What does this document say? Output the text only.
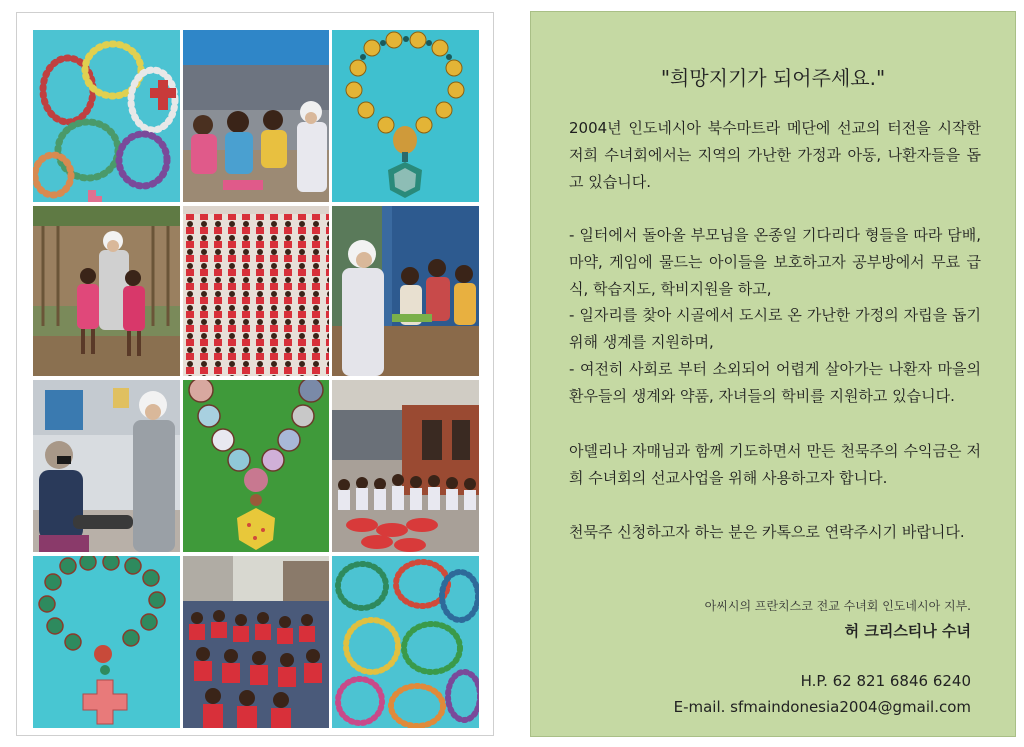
"희망지기가 되어주세요."

2004년 인도네시아 북수마트라 메단에 선교의 터전을 시작한 저희 수녀회에서는 지역의 가난한 가정과 아동, 나환자들을 돕고 있습니다.

- 일터에서 돌아올 부모님을 온종일 기다리다 형들을 따라 담배, 마약, 게임에 물드는 아이들을 보호하고자 공부방에서 무료 급식, 학습지도, 학비지원을 하고,

- 일자리를 찾아 시골에서 도시로 온 가난한 가정의 자립을 돕기 위해 생계를 지원하며,

- 여전히 사회로 부터 소외되어 어렵게 살아가는 나환자 마을의 환우들의 생계와 약품, 자녀들의 학비를 지원하고 있습니다.

아델리나 자매님과 함께 기도하면서 만든 천묵주의 수익금은 저희 수녀회의 선교사업을 위해 사용하고자 합니다.

천묵주 신청하고자 하는 분은 카톡으로 연락주시기 바랍니다.

아씨시의 프란치스코 전교 수녀회 인도네시아 지부.
허 크리스티나 수녀
H.P. 62 821 6846 6240
E-mail. sfmaindonesia2004@gmail.com
